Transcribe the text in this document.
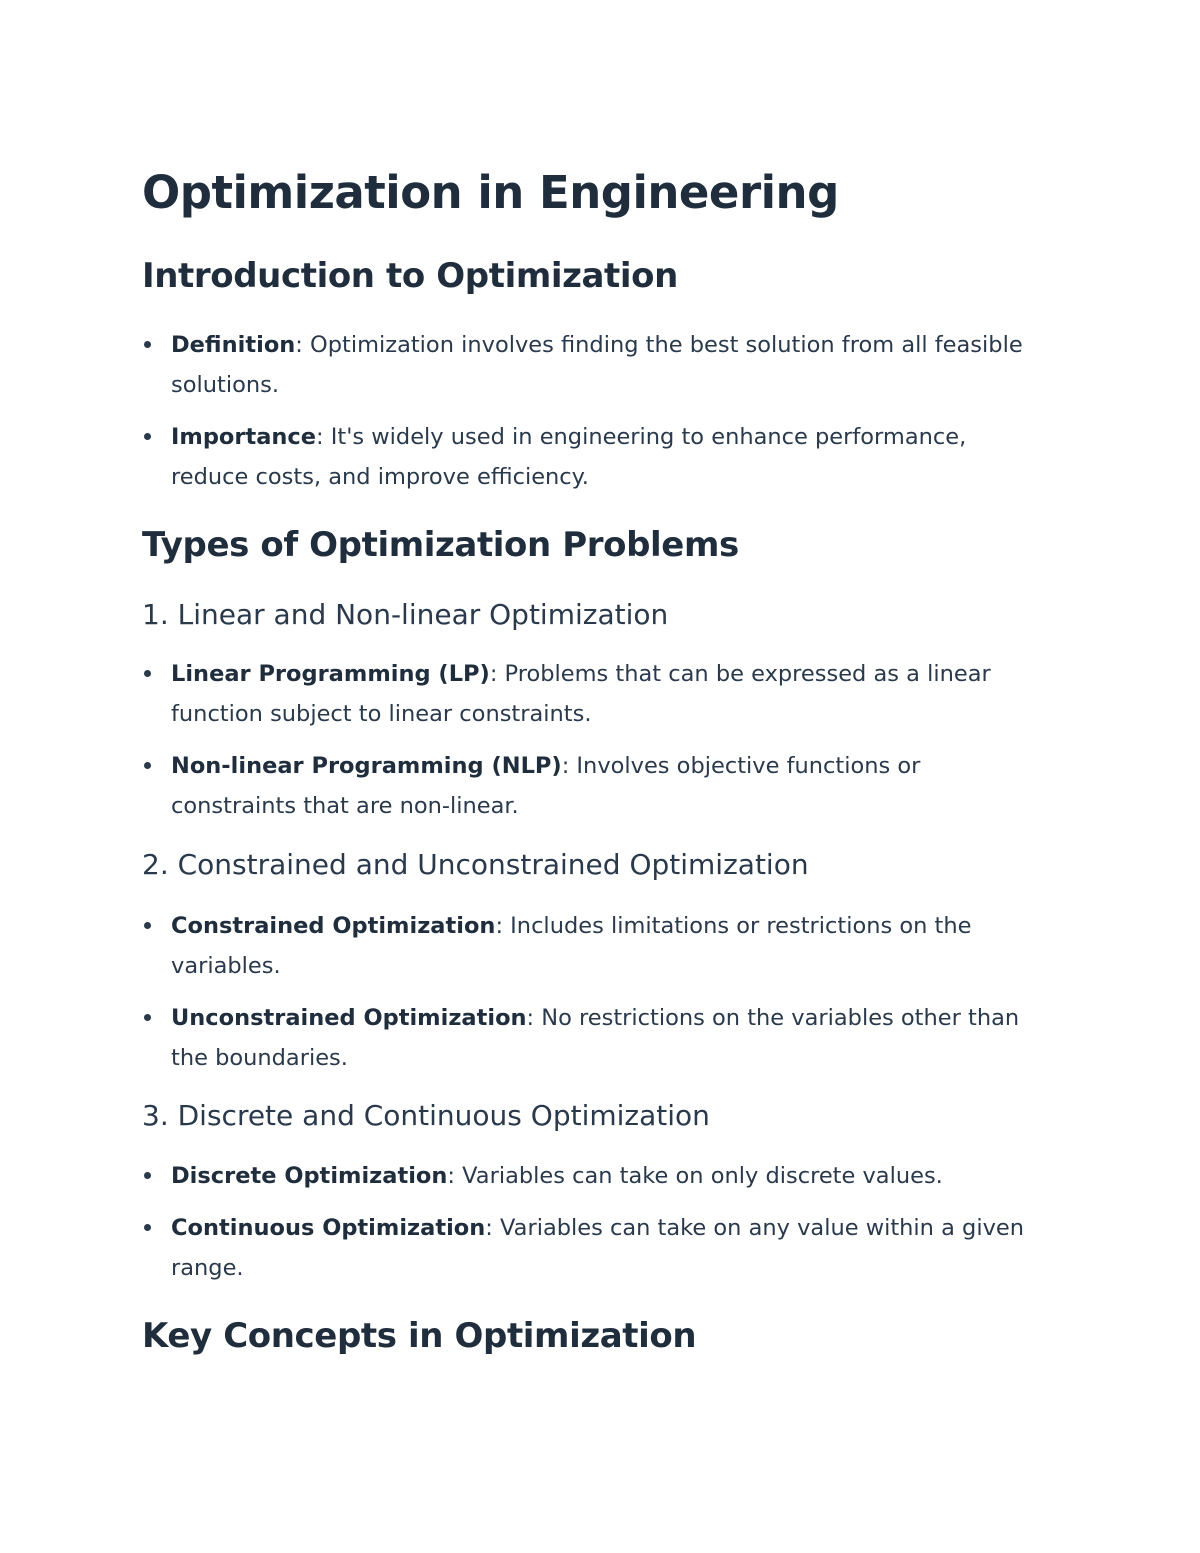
Optimization in Engineering
Introduction to Optimization
Definition: Optimization involves finding the best solution from all feasible solutions.
Importance: It's widely used in engineering to enhance performance, reduce costs, and improve efficiency.
Types of Optimization Problems
1. Linear and Non-linear Optimization
Linear Programming (LP): Problems that can be expressed as a linear function subject to linear constraints.
Non-linear Programming (NLP): Involves objective functions or constraints that are non-linear.
2. Constrained and Unconstrained Optimization
Constrained Optimization: Includes limitations or restrictions on the variables.
Unconstrained Optimization: No restrictions on the variables other than the boundaries.
3. Discrete and Continuous Optimization
Discrete Optimization: Variables can take on only discrete values.
Continuous Optimization: Variables can take on any value within a given range.
Key Concepts in Optimization
